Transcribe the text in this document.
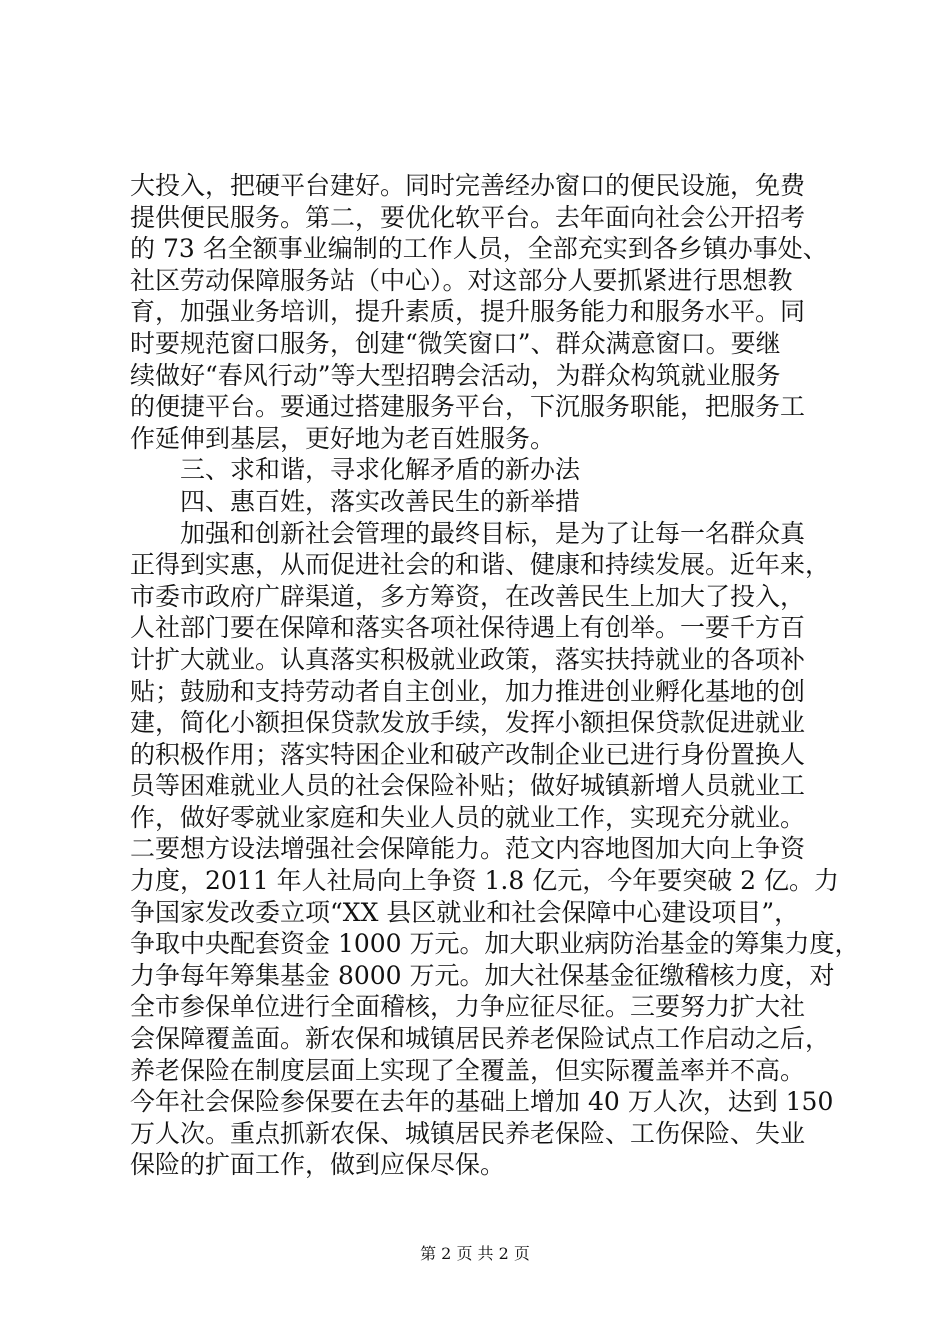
大投入，把硬平台建好。同时完善经办窗口的便民设施，免费
提供便民服务。第二，要优化软平台。去年面向社会公开招考
的 73 名全额事业编制的工作人员，全部充实到各乡镇办事处、
社区劳动保障服务站（中心）。对这部分人要抓紧进行思想教
育，加强业务培训，提升素质，提升服务能力和服务水平。同
时要规范窗口服务，创建“微笑窗口”、群众满意窗口。要继
续做好“春风行动”等大型招聘会活动，为群众构筑就业服务
的便捷平台。要通过搭建服务平台，下沉服务职能，把服务工
作延伸到基层，更好地为老百姓服务。
三、求和谐，寻求化解矛盾的新办法
四、惠百姓，落实改善民生的新举措
加强和创新社会管理的最终目标，是为了让每一名群众真
正得到实惠，从而促进社会的和谐、健康和持续发展。近年来，
市委市政府广辟渠道，多方筹资，在改善民生上加大了投入，
人社部门要在保障和落实各项社保待遇上有创举。一要千方百
计扩大就业。认真落实积极就业政策，落实扶持就业的各项补
贴；鼓励和支持劳动者自主创业，加力推进创业孵化基地的创
建，简化小额担保贷款发放手续，发挥小额担保贷款促进就业
的积极作用；落实特困企业和破产改制企业已进行身份置换人
员等困难就业人员的社会保险补贴；做好城镇新增人员就业工
作，做好零就业家庭和失业人员的就业工作，实现充分就业。
二要想方设法增强社会保障能力。范文内容地图加大向上争资
力度，2011 年人社局向上争资 1.8 亿元，今年要突破 2 亿。力
争国家发改委立项“XX 县区就业和社会保障中心建设项目”，
争取中央配套资金 1000 万元。加大职业病防治基金的筹集力度，
力争每年筹集基金 8000 万元。加大社保基金征缴稽核力度，对
全市参保单位进行全面稽核，力争应征尽征。三要努力扩大社
会保障覆盖面。新农保和城镇居民养老保险试点工作启动之后，
养老保险在制度层面上实现了全覆盖，但实际覆盖率并不高。
今年社会保险参保要在去年的基础上增加 40 万人次，达到 150
万人次。重点抓新农保、城镇居民养老保险、工伤保险、失业
保险的扩面工作，做到应保尽保。
第 2 页 共 2 页
